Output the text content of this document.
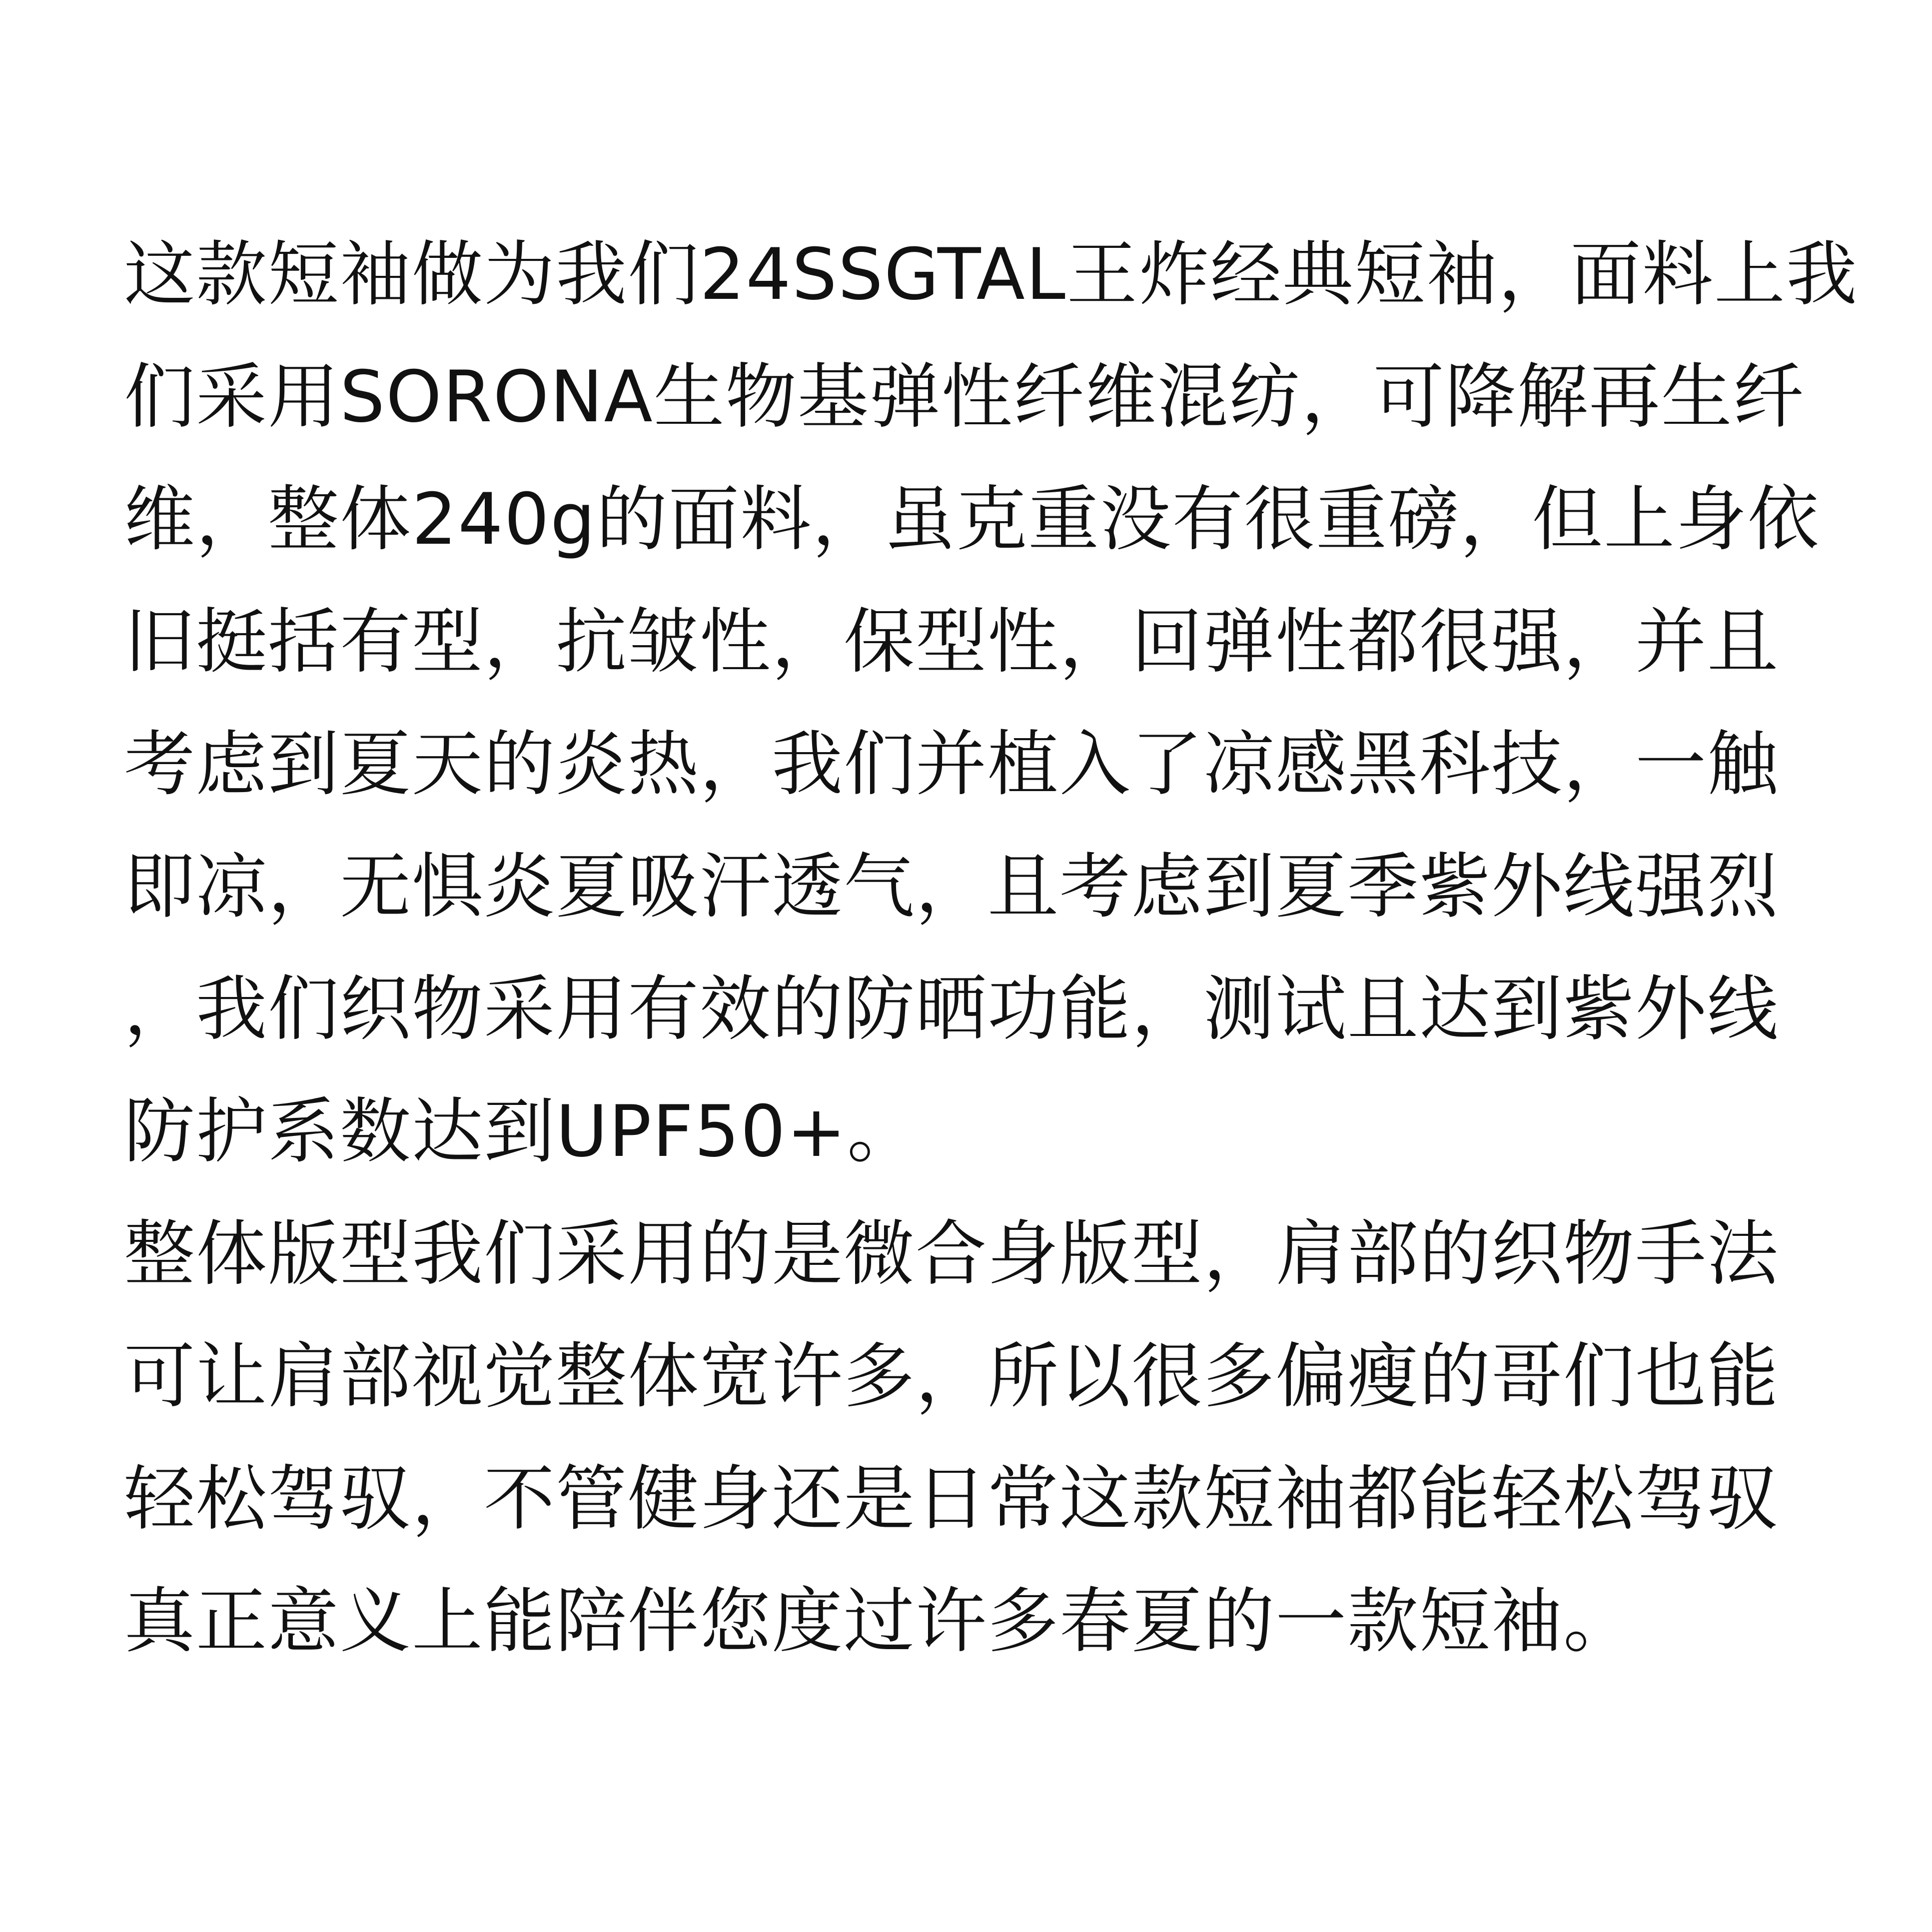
这款短袖做为我们24SSGTAL王炸经典短袖，面料上我
们采用SORONA生物基弹性纤维混纺，可降解再生纤
维，整体240g的面料，虽克重没有很重磅，但上身依
旧挺括有型，抗皱性，保型性，回弹性都很强，并且
考虑到夏天的炎热，我们并植入了凉感黑科技，一触
即凉，无惧炎夏吸汗透气，且考虑到夏季紫外线强烈
，我们织物采用有效的防晒功能，测试且达到紫外线
防护系数达到UPF50+。
整体版型我们采用的是微合身版型，肩部的织物手法
可让肩部视觉整体宽许多，所以很多偏瘦的哥们也能
轻松驾驭，不管健身还是日常这款短袖都能轻松驾驭
真正意义上能陪伴您度过许多春夏的一款短袖。
